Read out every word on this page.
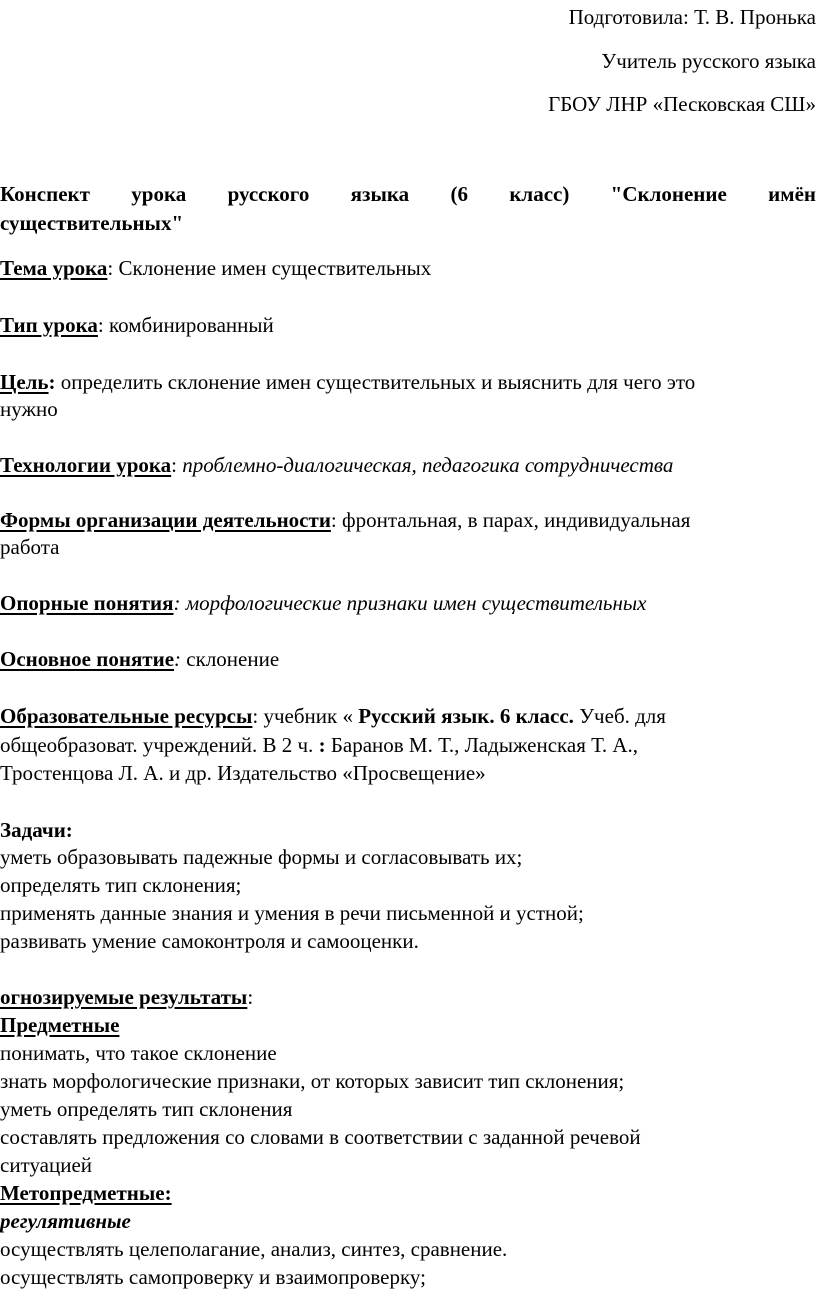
Подготовила: Т. В. Пронька
Учитель русского языка
ГБОУ ЛНР «Песковская СШ»
Конспект урока русского языка (6 класс) "Склонение имён
существительных"
Тема урока: Склонение имен существительных
Тип урока: комбинированный
Цель: определить склонение имен существительных и выяснить для чего это
нужно
Технологии урока: проблемно-диалогическая, педагогика сотрудничества
Формы организации деятельности: фронтальная, в парах, индивидуальная
работа
Опорные понятия: морфологические признаки имен существительных
Основное понятие: склонение
Образовательные ресурсы: учебник « Русский язык. 6 класс. Учеб. для
общеобразоват. учреждений. В 2 ч. : Баранов М. Т., Ладыженская Т. А.,
Тростенцова Л. А. и др. Издательство «Просвещение»
Задачи:
уметь образовывать падежные формы и согласовывать их;
определять тип склонения;
применять данные знания и умения в речи письменной и устной;
развивать умение самоконтроля и самооценки.
огнозируемые результаты:
Предметные
понимать, что такое склонение
знать морфологические признаки, от которых зависит тип склонения;
уметь определять тип склонения
составлять предложения со словами в соответствии с заданной речевой
ситуацией
Метопредметные:
регулятивные
осуществлять целеполагание, анализ, синтез, сравнение.
осуществлять самопроверку и взаимопроверку;
